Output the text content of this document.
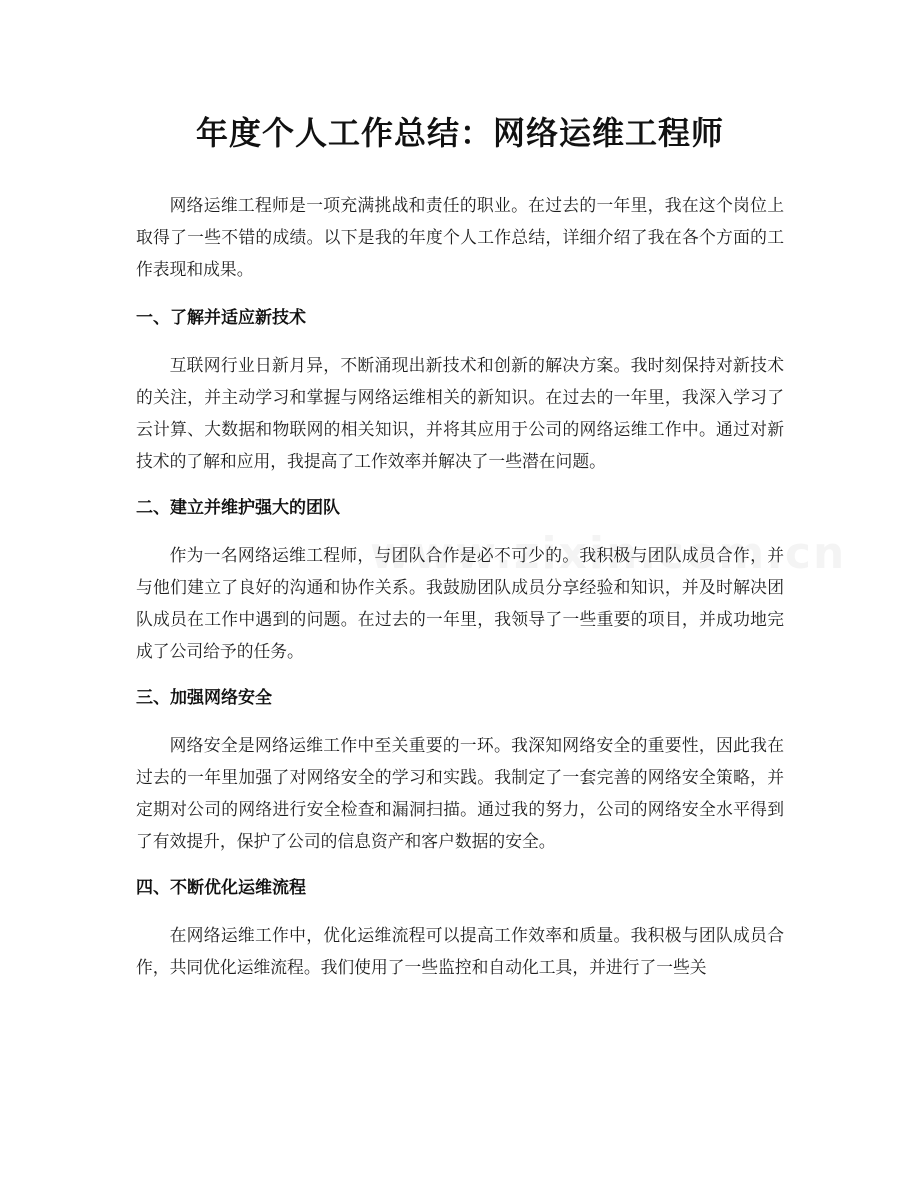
年度个人工作总结：网络运维工程师

网络运维工程师是一项充满挑战和责任的职业。在过去的一年里，我在这个岗位上取得了一些不错的成绩。以下是我的年度个人工作总结，详细介绍了我在各个方面的工作表现和成果。

一、了解并适应新技术

互联网行业日新月异，不断涌现出新技术和创新的解决方案。我时刻保持对新技术的关注，并主动学习和掌握与网络运维相关的新知识。在过去的一年里，我深入学习了云计算、大数据和物联网的相关知识，并将其应用于公司的网络运维工作中。通过对新技术的了解和应用，我提高了工作效率并解决了一些潜在问题。

二、建立并维护强大的团队

作为一名网络运维工程师，与团队合作是必不可少的。我积极与团队成员合作，并与他们建立了良好的沟通和协作关系。我鼓励团队成员分享经验和知识，并及时解决团队成员在工作中遇到的问题。在过去的一年里，我领导了一些重要的项目，并成功地完成了公司给予的任务。

三、加强网络安全

网络安全是网络运维工作中至关重要的一环。我深知网络安全的重要性，因此我在过去的一年里加强了对网络安全的学习和实践。我制定了一套完善的网络安全策略，并定期对公司的网络进行安全检查和漏洞扫描。通过我的努力，公司的网络安全水平得到了有效提升，保护了公司的信息资产和客户数据的安全。

四、不断优化运维流程

在网络运维工作中，优化运维流程可以提高工作效率和质量。我积极与团队成员合作，共同优化运维流程。我们使用了一些监控和自动化工具，并进行了一些关
